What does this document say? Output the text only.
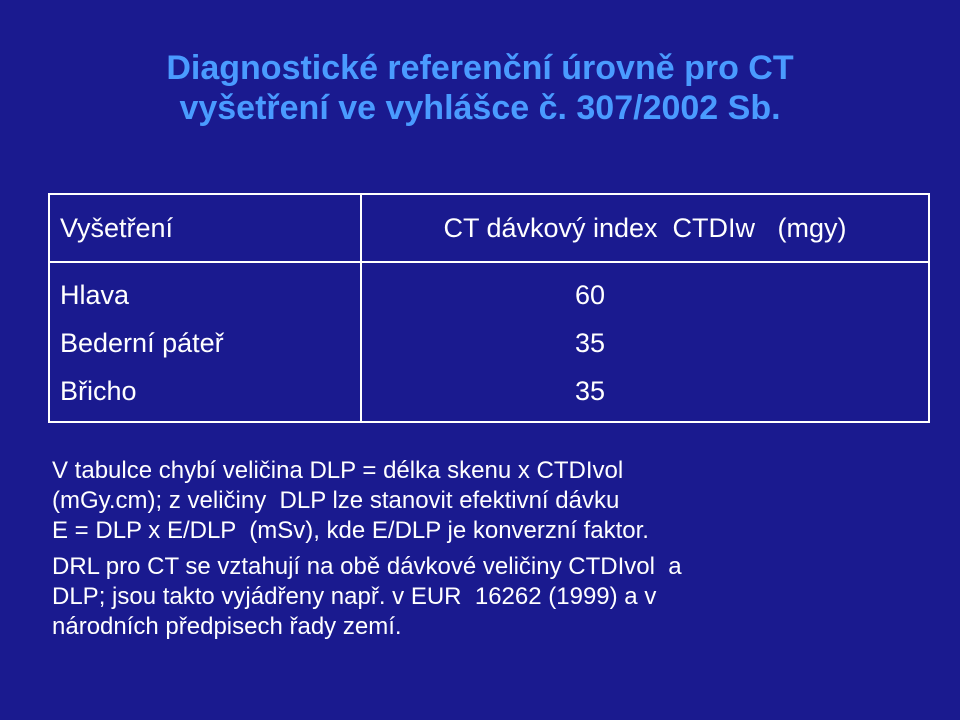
Diagnostické referenční úrovně pro CT
vyšetření ve vyhlášce č. 307/2002 Sb.
Vyšetření	CT dávkový index  CTDIw   (mgy)
Hlava	60
Bederní páteř	35
Břicho	35

V tabulce chybí veličina DLP = délka skenu x CTDIvol
(mGy.cm); z veličiny  DLP lze stanovit efektivní dávku
E = DLP x E/DLP  (mSv), kde E/DLP je konverzní faktor.

DRL pro CT se vztahují na obě dávkové veličiny CTDIvol  a
DLP; jsou takto vyjádřeny např. v EUR  16262 (1999) a v
národních předpisech řady zemí.
